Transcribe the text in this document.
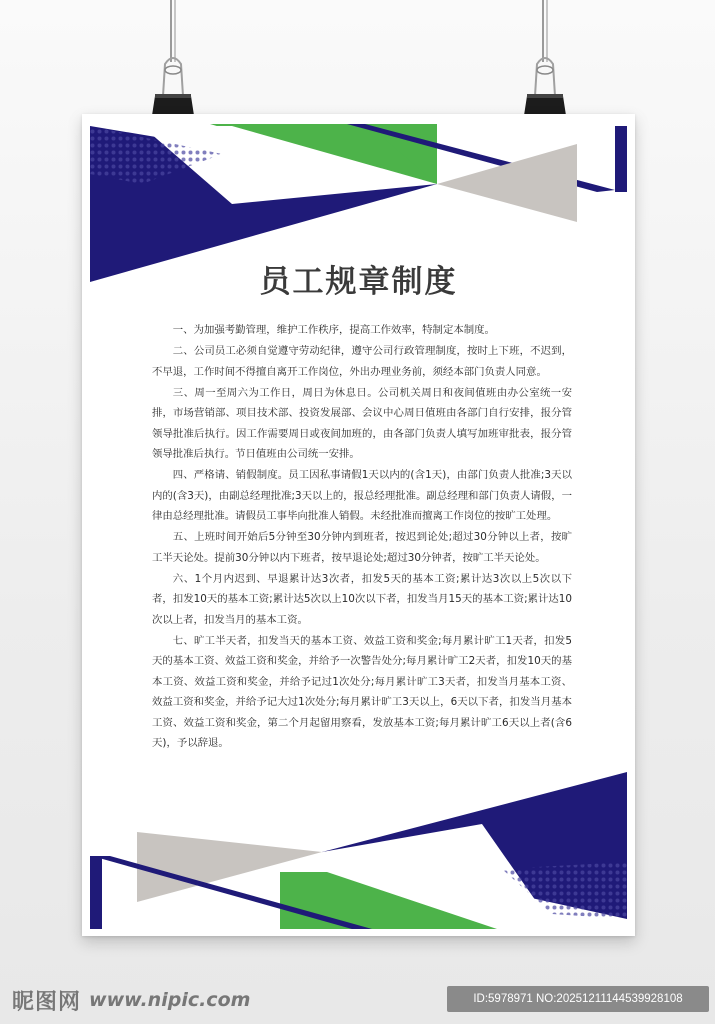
员工规章制度

一、为加强考勤管理，维护工作秩序，提高工作效率，特制定本制度。

二、公司员工必须自觉遵守劳动纪律，遵守公司行政管理制度，按时上下班，不迟到，不早退，工作时间不得擅自离开工作岗位，外出办理业务前，须经本部门负责人同意。

三、周一至周六为工作日，周日为休息日。公司机关周日和夜间值班由办公室统一安排，市场营销部、项目技术部、投资发展部、会议中心周日值班由各部门自行安排，报分管领导批准后执行。因工作需要周日或夜间加班的，由各部门负责人填写加班审批表，报分管领导批准后执行。节日值班由公司统一安排。

四、严格请、销假制度。员工因私事请假1天以内的(含1天)，由部门负责人批准;3天以内的(含3天)，由副总经理批准;3天以上的，报总经理批准。副总经理和部门负责人请假，一律由总经理批准。请假员工事毕向批准人销假。未经批准而擅离工作岗位的按旷工处理。

五、上班时间开始后5分钟至30分钟内到班者，按迟到论处;超过30分钟以上者，按旷工半天论处。提前30分钟以内下班者，按早退论处;超过30分钟者，按旷工半天论处。

六、1个月内迟到、早退累计达3次者，扣发5天的基本工资;累计达3次以上5次以下者，扣发10天的基本工资;累计达5次以上10次以下者，扣发当月15天的基本工资;累计达10次以上者，扣发当月的基本工资。

七、旷工半天者，扣发当天的基本工资、效益工资和奖金;每月累计旷工1天者，扣发5天的基本工资、效益工资和奖金，并给予一次警告处分;每月累计旷工2天者，扣发10天的基本工资、效益工资和奖金，并给予记过1次处分;每月累计旷工3天者，扣发当月基本工资、效益工资和奖金，并给予记大过1次处分;每月累计旷工3天以上，6天以下者，扣发当月基本工资、效益工资和奖金，第二个月起留用察看，发放基本工资;每月累计旷工6天以上者(含6天)，予以辞退。

昵图网 www.nipic.com	ID:5978971 NO:20251211144539928108
